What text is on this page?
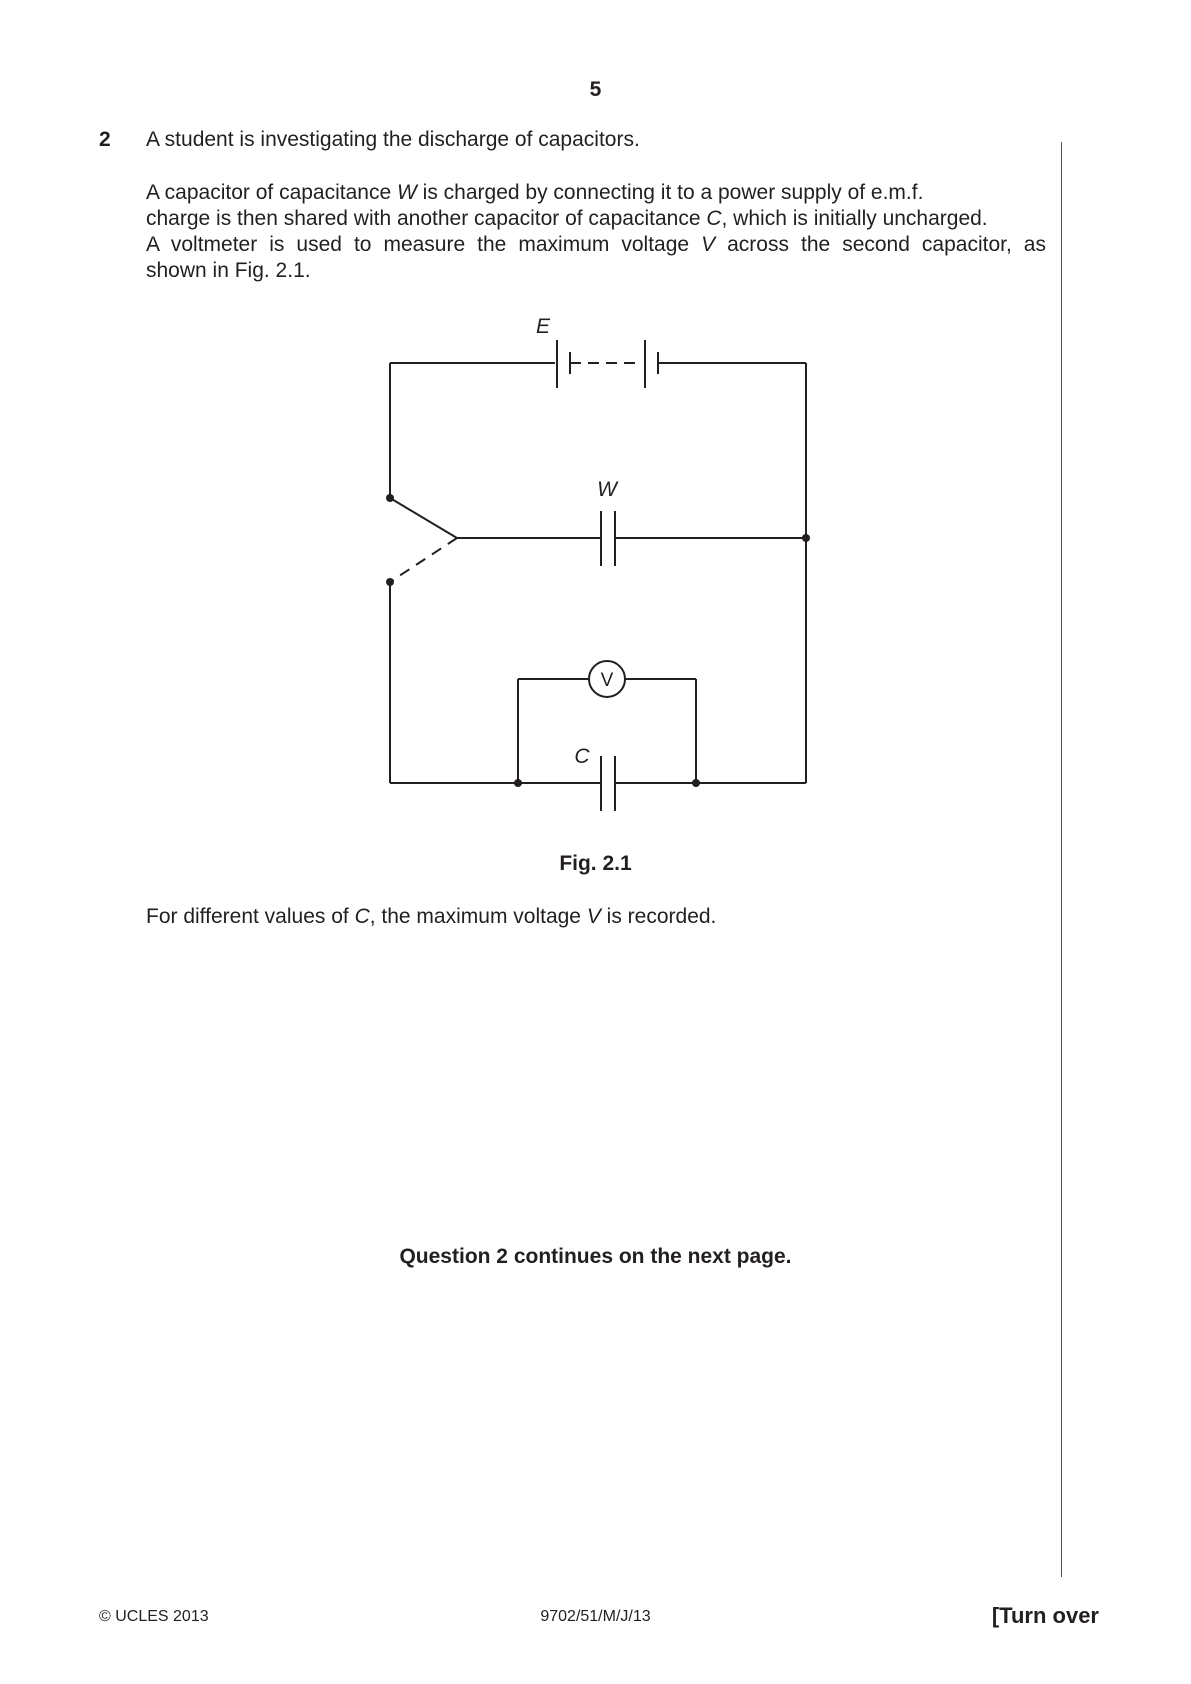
5
2 A student is investigating the discharge of capacitors.
A capacitor of capacitance W is charged by connecting it to a power supply of e.m.f.
charge is then shared with another capacitor of capacitance C, which is initially uncharged.
A voltmeter is used to measure the maximum voltage V across the second capacitor, as
shown in Fig. 2.1.
E
W
C
V
Fig. 2.1
For different values of C, the maximum voltage V is recorded.
Question 2 continues on the next page.
© UCLES 2013	9702/51/M/J/13	[Turn over
